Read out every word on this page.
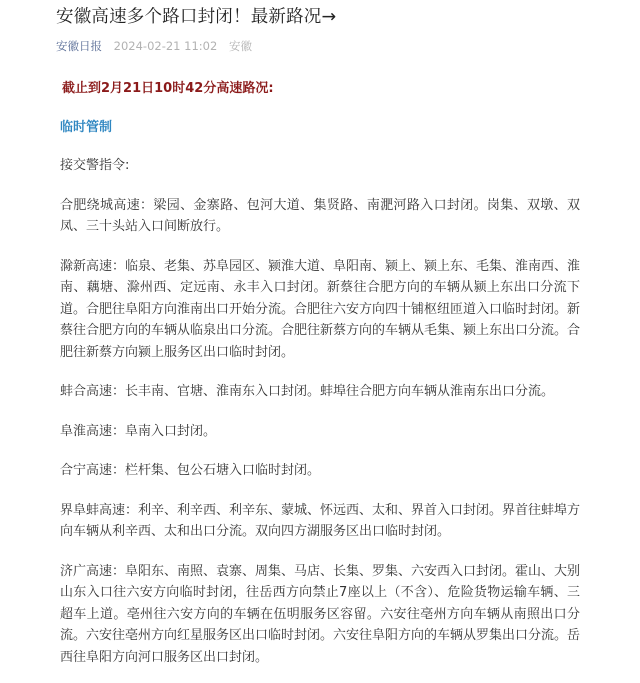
安徽高速多个路口封闭！最新路况→
安徽日报 2024-02-21 11:02 安徽
截止到2月21日10时42分高速路况:
临时管制

接交警指令:

合肥绕城高速：梁园、金寨路、包河大道、集贤路、南淝河路入口封闭。岗集、双墩、双凤、三十头站入口间断放行。

滁新高速：临泉、老集、苏阜园区、颍淮大道、阜阳南、颍上、颍上东、毛集、淮南西、淮南、藕塘、滁州西、定远南、永丰入口封闭。新蔡往合肥方向的车辆从颍上东出口分流下道。合肥往阜阳方向淮南出口开始分流。合肥往六安方向四十铺枢纽匝道入口临时封闭。新蔡往合肥方向的车辆从临泉出口分流。合肥往新蔡方向的车辆从毛集、颍上东出口分流。合肥往新蔡方向颍上服务区出口临时封闭。

蚌合高速：长丰南、官塘、淮南东入口封闭。蚌埠往合肥方向车辆从淮南东出口分流。

阜淮高速：阜南入口封闭。

合宁高速：栏杆集、包公石塘入口临时封闭。

界阜蚌高速：利辛、利辛西、利辛东、蒙城、怀远西、太和、界首入口封闭。界首往蚌埠方向车辆从利辛西、太和出口分流。双向四方湖服务区出口临时封闭。

济广高速：阜阳东、南照、袁寨、周集、马店、长集、罗集、六安西入口封闭。霍山、大别山东入口往六安方向临时封闭，往岳西方向禁止7座以上（不含）、危险货物运输车辆、三超车上道。亳州往六安方向的车辆在伍明服务区容留。六安往亳州方向车辆从南照出口分流。六安往亳州方向红星服务区出口临时封闭。六安往阜阳方向的车辆从罗集出口分流。岳西往阜阳方向河口服务区出口封闭。
